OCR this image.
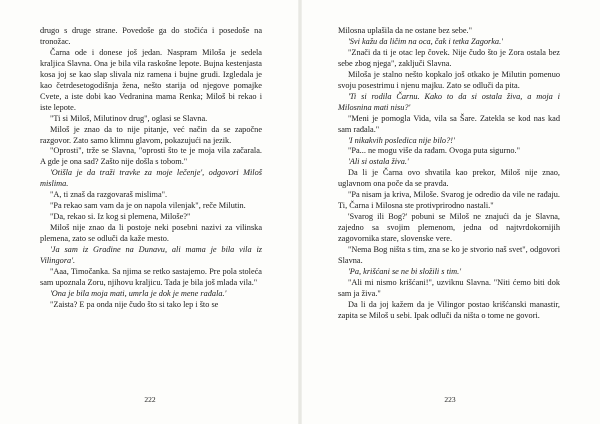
drugo s druge strane. Povedoše ga do stočića i posedoše na tronožac.

Čarna ode i donese još jedan. Naspram Miloša je sedela kraljica Slavna. Ona je bila vila raskošne lepote. Bujna kestenjasta kosa joj se kao slap slivala niz ramena i bujne grudi. Izgledala je kao četrdesetogodišnja žena, nešto starija od njegove pomajke Cvete, a iste dobi kao Vedranina mama Renka; Miloš bi rekao i iste lepote.

"Ti si Miloš, Milutinov drug", oglasi se Slavna.

Miloš je znao da to nije pitanje, već način da se započne razgovor. Zato samo klimnu glavom, pokazujući na jezik.

"Oprosti", trže se Slavna, "oprosti što te je moja vila začarala. A gde je ona sad? Zašto nije došla s tobom."

'Otišla je da traži travke za moje lečenje', odgovori Miloš mislima.

"A, ti znaš da razgovaraš mislima".

"Pa rekao sam vam da je on napola vilenjak", reče Milutin.

"Da, rekao si. Iz kog si plemena, Miloše?"

Miloš nije znao da li postoje neki posebni nazivi za vilinska plemena, zato se odluči da kaže mesto.

'Ja sam iz Gradine na Dunavu, ali mama je bila vila iz Vilingora'.

"Aaa, Timočanka. Sa njima se retko sastajemo. Pre pola stoleća sam upoznala Zoru, njihovu kraljicu. Tada je bila još mlada vila."

'Ona je bila moja mati, umrla je dok je mene rađala.'

"Zaista? E pa onda nije čudo što si tako lep i što se

222

Milosna uplašila da ne ostane bez sebe."

'Svi kažu da ličim na oca, čak i tetka Zagorka.'

"Znači da ti je otac lep čovek. Nije čudo što je Zora ostala bez sebe zbog njega", zaključi Slavna.

Miloša je stalno nešto kopkalo još otkako je Milutin pomenuo svoju posestrimu i njenu majku. Zato se odluči da pita.

'Ti si rodila Čarnu. Kako to da si ostala živa, a moja i Milosnina mati nisu?'

"Meni je pomogla Vida, vila sa Šare. Zatekla se kod nas kad sam rađala."

'I nikakvih posledica nije bilo?!'

"Pa... ne mogu više da rađam. Ovoga puta sigurno."

'Ali si ostala živa.'

Da li je Čarna ovo shvatila kao prekor, Miloš nije znao, uglavnom ona poče da se pravda.

"Pa nisam ja kriva, Miloše. Svarog je odredio da vile ne rađaju. Ti, Čarna i Milosna ste protivprirodno nastali."

'Svarog ili Bog?' pobuni se Miloš ne znajući da je Slavna, zajedno sa svojim plemenom, jedna od najtvrdokornijih zagovornika stare, slovenske vere.

"Nema Bog ništa s tim, zna se ko je stvorio naš svet", odgovori Slavna.

'Pa, krišćani se ne bi složili s tim.'

"Ali mi nismo krišćani!", uzviknu Slavna. "Niti ćemo biti dok sam ja živa."

Da li da joj kažem da je Vilingor postao krišćanski manastir, zapita se Miloš u sebi. Ipak odluči da ništa o tome ne govori.

223
